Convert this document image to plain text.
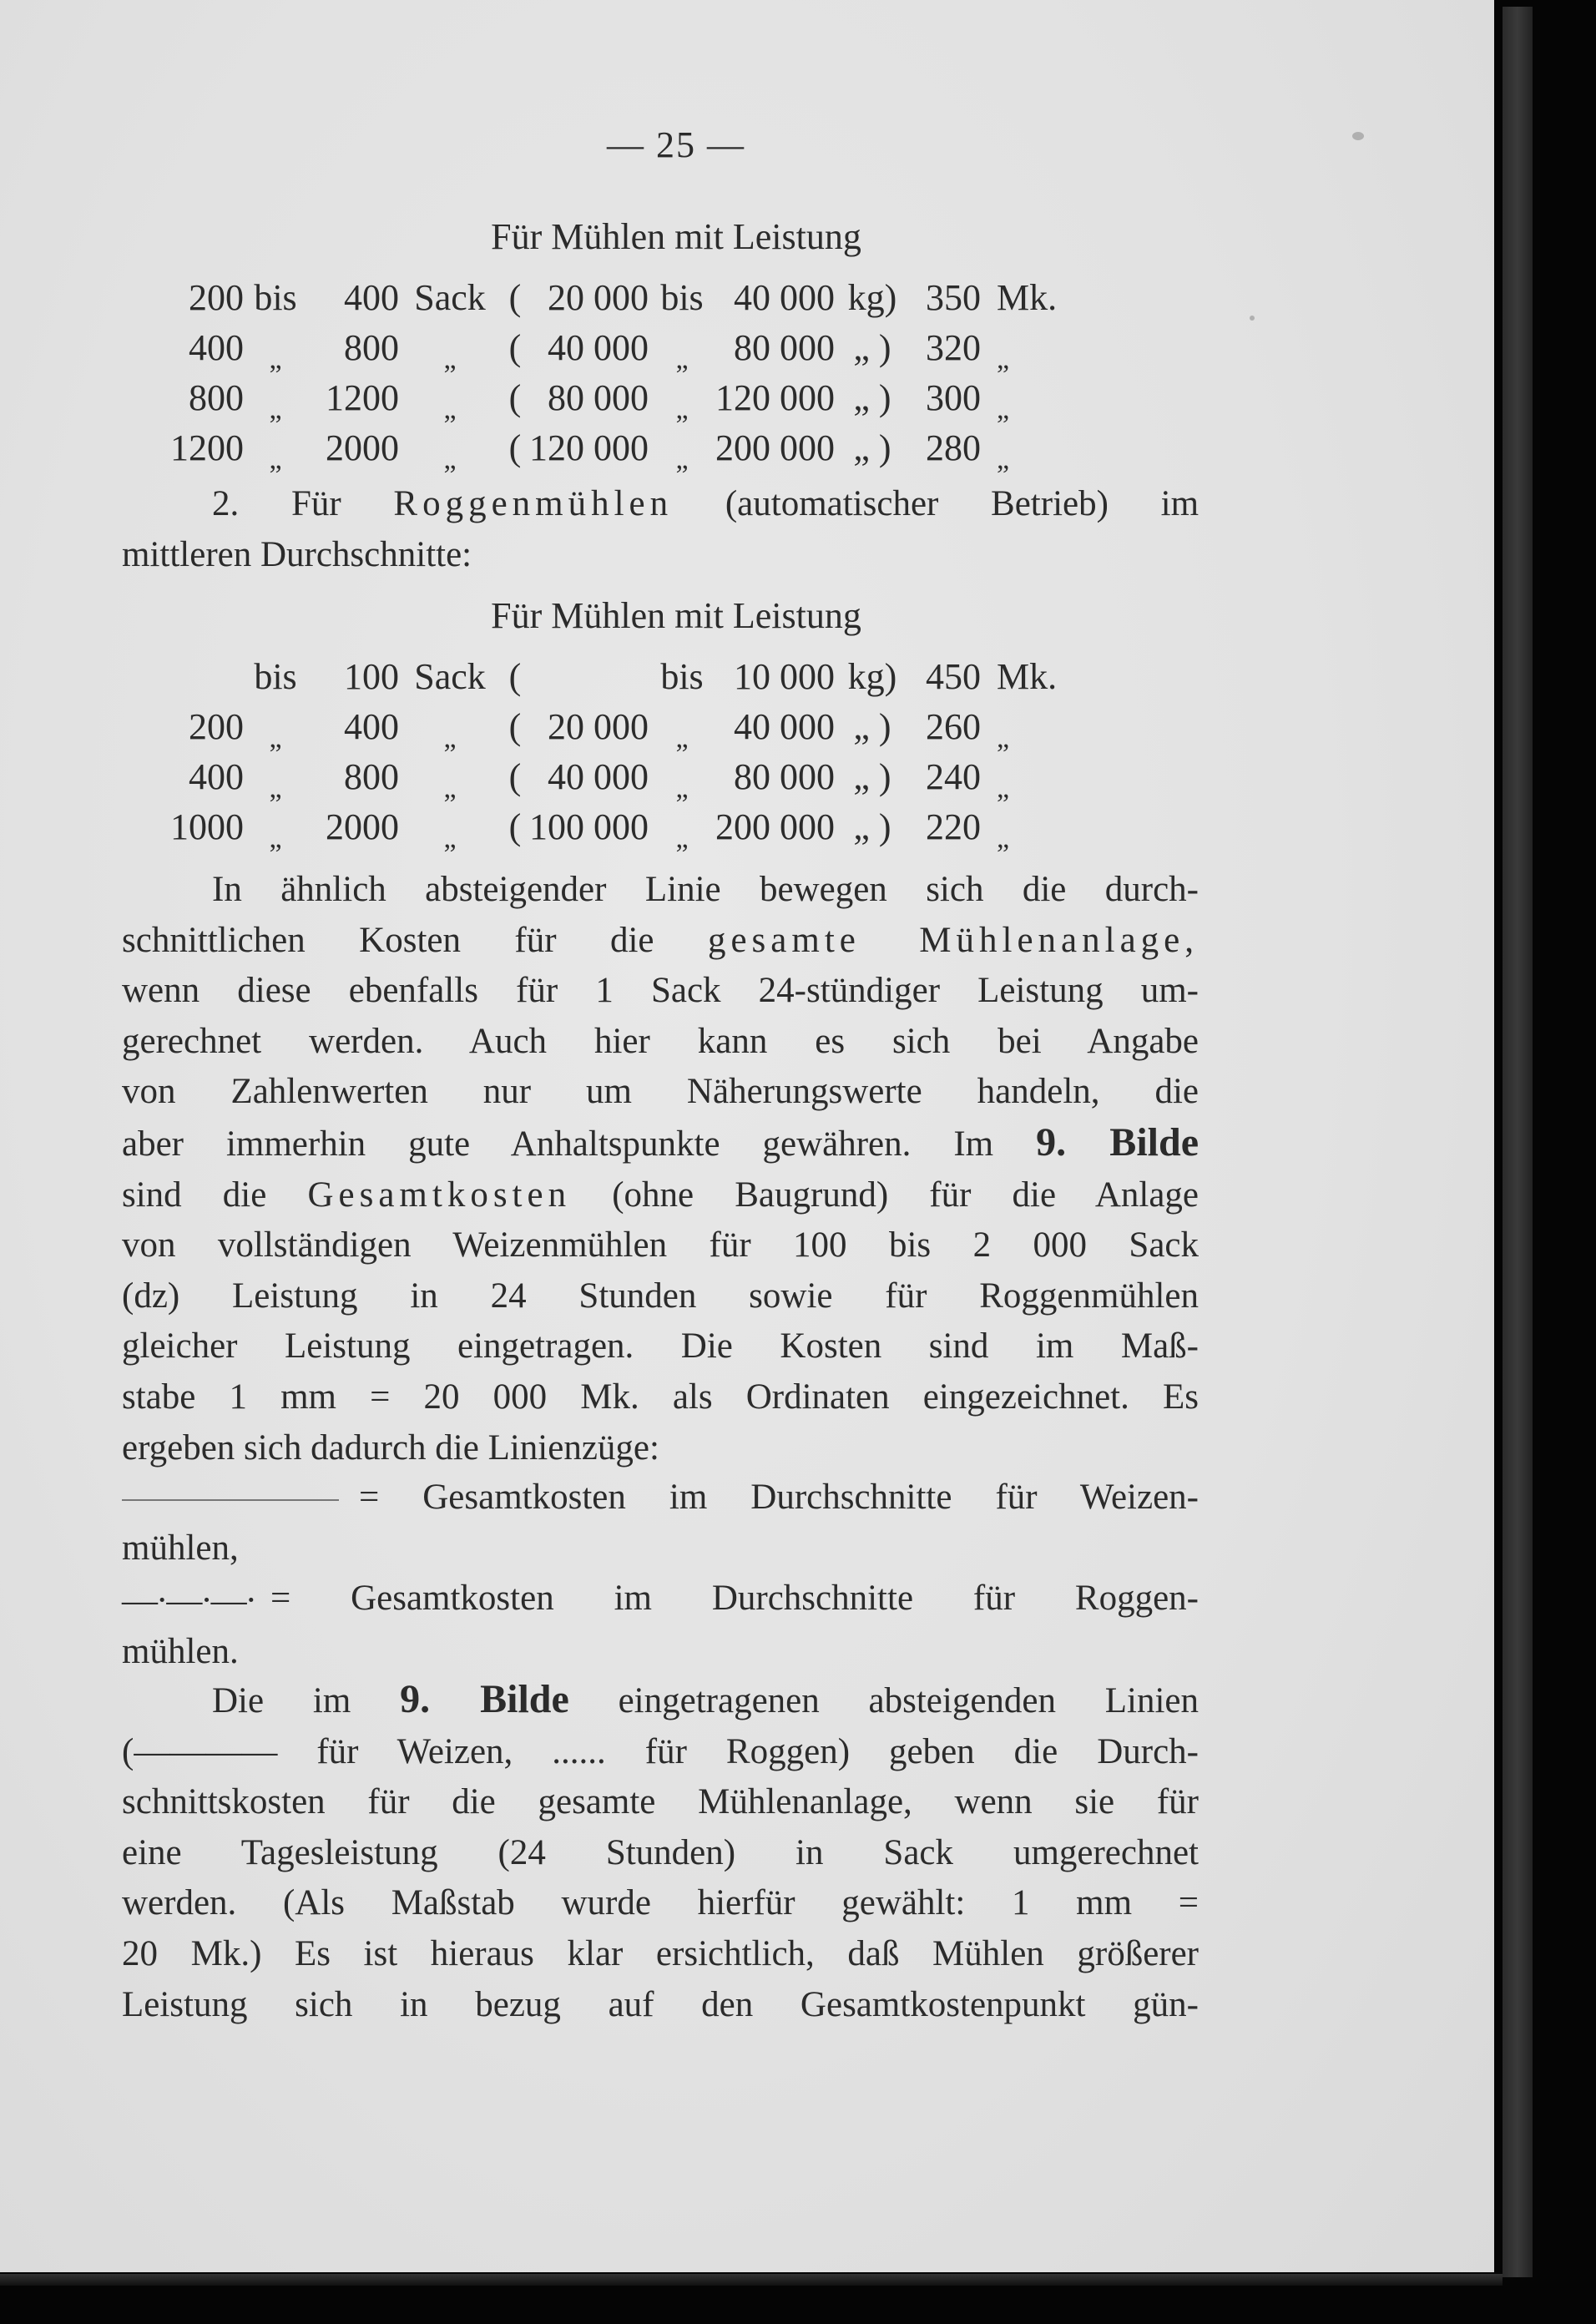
— 25 —
Für Mühlen mit Leistung
200	bis	400	Sack	(	20 000	bis	40 000	kg)	350	Mk.
400	$_„$	800	$_„$	(	40 000	$_„$	80 000	„ )	320	$_„$
800	$_„$	1200	$_„$	(	80 000	$_„$	120 000	„ )	300	$_„$
1200	$_„$	2000	$_„$	(	120 000	$_„$	200 000	„ )	280	$_„$

2. Für Roggenmühlen (automatischer Betrieb) im

mittleren Durchschnitte:

Für Mühlen mit Leistung
	bis	100	Sack	(		bis	10 000	kg)	450	Mk.
200	$_„$	400	$_„$	(	20 000	$_„$	40 000	„ )	260	$_„$
400	$_„$	800	$_„$	(	40 000	$_„$	80 000	„ )	240	$_„$
1000	$_„$	2000	$_„$	(	100 000	$_„$	200 000	„ )	220	$_„$

In ähnlich absteigender Linie bewegen sich die durch-

schnittlichen Kosten für die gesamte Mühlenanlage,

wenn diese ebenfalls für 1 Sack 24-stündiger Leistung um-

gerechnet werden. Auch hier kann es sich bei Angabe

von Zahlenwerten nur um Näherungswerte handeln, die

aber immerhin gute Anhaltspunkte gewähren. Im 9. Bilde

sind die Gesamtkosten (ohne Baugrund) für die Anlage

von vollständigen Weizenmühlen für 100 bis 2 000 Sack

(dz) Leistung in 24 Stunden sowie für Roggenmühlen

gleicher Leistung eingetragen. Die Kosten sind im Maß-

stabe 1 mm = 20 000 Mk. als Ordinaten eingezeichnet. Es

ergeben sich dadurch die Linienzüge:

= Gesamtkosten im Durchschnitte für Weizen-

mühlen,

—·—·—· = Gesamtkosten im Durchschnitte für Roggen-

mühlen.

Die im 9. Bilde eingetragenen absteigenden Linien

(———— für Weizen, ...... für Roggen) geben die Durch-

schnittskosten für die gesamte Mühlenanlage, wenn sie für

eine Tagesleistung (24 Stunden) in Sack umgerechnet

werden. (Als Maßstab wurde hierfür gewählt: 1 mm =

20 Mk.) Es ist hieraus klar ersichtlich, daß Mühlen größerer

Leistung sich in bezug auf den Gesamtkostenpunkt gün-
